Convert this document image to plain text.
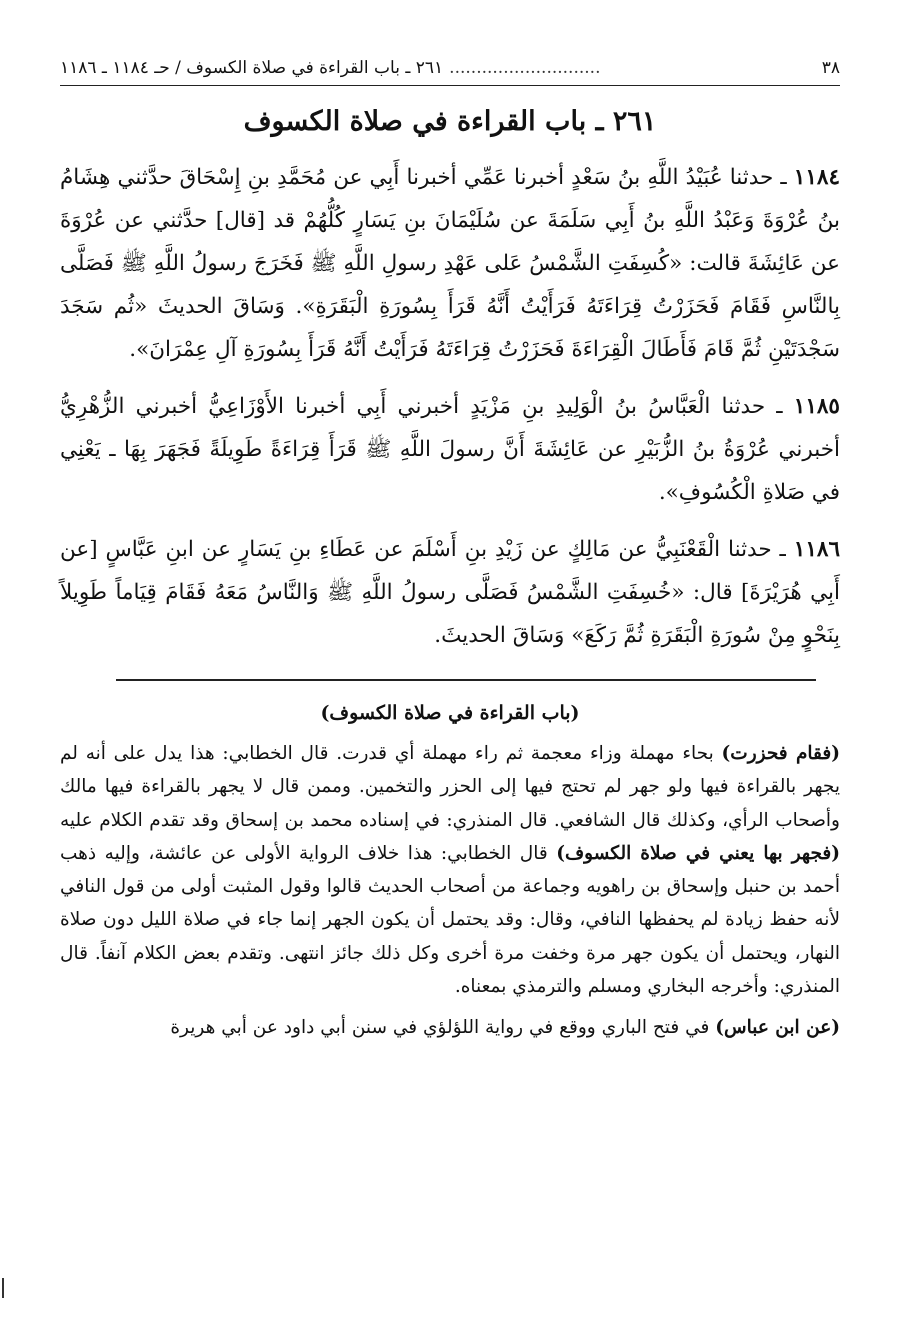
٣٨
............................
٢٦١ ـ باب القراءة في صلاة الكسوف / حـ ١١٨٤ ـ ١١٨٦
٢٦١ ـ باب القراءة في صلاة الكسوف

١١٨٤ ـ حدثنا عُبَيْدُ اللَّهِ بنُ سَعْدٍ أخبرنا عَمِّي أخبرنا أَبِي عن مُحَمَّدِ بنِ إِسْحَاقَ حدَّثني هِشَامُ بنُ عُرْوَةَ وَعَبْدُ اللَّهِ بنُ أَبِي سَلَمَةَ عن سُلَيْمَانَ بنِ يَسَارٍ كُلُّهُمْ قد [قال] حدَّثني عن عُرْوَةَ عن عَائِشَةَ قالت: «كُسِفَتِ الشَّمْسُ عَلى عَهْدِ رسولِ اللَّهِ ﷺ فَخَرَجَ رسولُ اللَّهِ ﷺ فَصَلَّى بِالنَّاسِ فَقَامَ فَحَزَرْتُ قِرَاءَتَهُ فَرَأَيْتُ أَنَّهُ قَرَأَ بِسُورَةِ الْبَقَرَةِ». وَسَاقَ الحديثَ «ثُم سَجَدَ سَجْدَتَيْنِ ثُمَّ قَامَ فَأَطَالَ الْقِرَاءَةَ فَحَزَرْتُ قِرَاءَتَهُ فَرَأَيْتُ أَنَّهُ قَرَأَ بِسُورَةِ آلِ عِمْرَانَ».

١١٨٥ ـ حدثنا الْعَبَّاسُ بنُ الْوَلِيدِ بنِ مَزْيَدٍ أخبرني أَبِي أخبرنا الأَوْزَاعِيُّ أخبرني الزُّهْرِيُّ أخبرني عُرْوَةُ بنُ الزُّبَيْرِ عن عَائِشَةَ أَنَّ رسولَ اللَّهِ ﷺ قَرَأَ قِرَاءَةً طَوِيلَةً فَجَهَرَ بِهَا ـ يَعْنِي في صَلاةِ الْكُسُوفِ».

١١٨٦ ـ حدثنا الْقَعْنَبِيُّ عن مَالِكٍ عن زَيْدِ بنِ أَسْلَمَ عن عَطَاءِ بنِ يَسَارٍ عن ابنِ عَبَّاسٍ [عن أَبِي هُرَيْرَةَ] قال: «خُسِفَتِ الشَّمْسُ فَصَلَّى رسولُ اللَّهِ ﷺ وَالنَّاسُ مَعَهُ فَقَامَ قِيَاماً طَوِيلاً بِنَحْوٍ مِنْ سُورَةِ الْبَقَرَةِ ثُمَّ رَكَعَ» وَسَاقَ الحديثَ.

(باب القراءة في صلاة الكسوف)

(فقام فحزرت) بحاء مهملة وزاء معجمة ثم راء مهملة أي قدرت. قال الخطابي: هذا يدل على أنه لم يجهر بالقراءة فيها ولو جهر لم تحتج فيها إلى الحزر والتخمين. وممن قال لا يجهر بالقراءة فيها مالك وأصحاب الرأي، وكذلك قال الشافعي. قال المنذري: في إسناده محمد بن إسحاق وقد تقدم الكلام عليه (فجهر بها يعني في صلاة الكسوف) قال الخطابي: هذا خلاف الرواية الأولى عن عائشة، وإليه ذهب أحمد بن حنبل وإسحاق بن راهويه وجماعة من أصحاب الحديث قالوا وقول المثبت أولى من قول النافي لأنه حفظ زيادة لم يحفظها النافي، وقال: وقد يحتمل أن يكون الجهر إنما جاء في صلاة الليل دون صلاة النهار، ويحتمل أن يكون جهر مرة وخفت مرة أخرى وكل ذلك جائز انتهى. وتقدم بعض الكلام آنفاً. قال المنذري: وأخرجه البخاري ومسلم والترمذي بمعناه.

(عن ابن عباس) في فتح الباري ووقع في رواية اللؤلؤي في سنن أبي داود عن أبي هريرة
